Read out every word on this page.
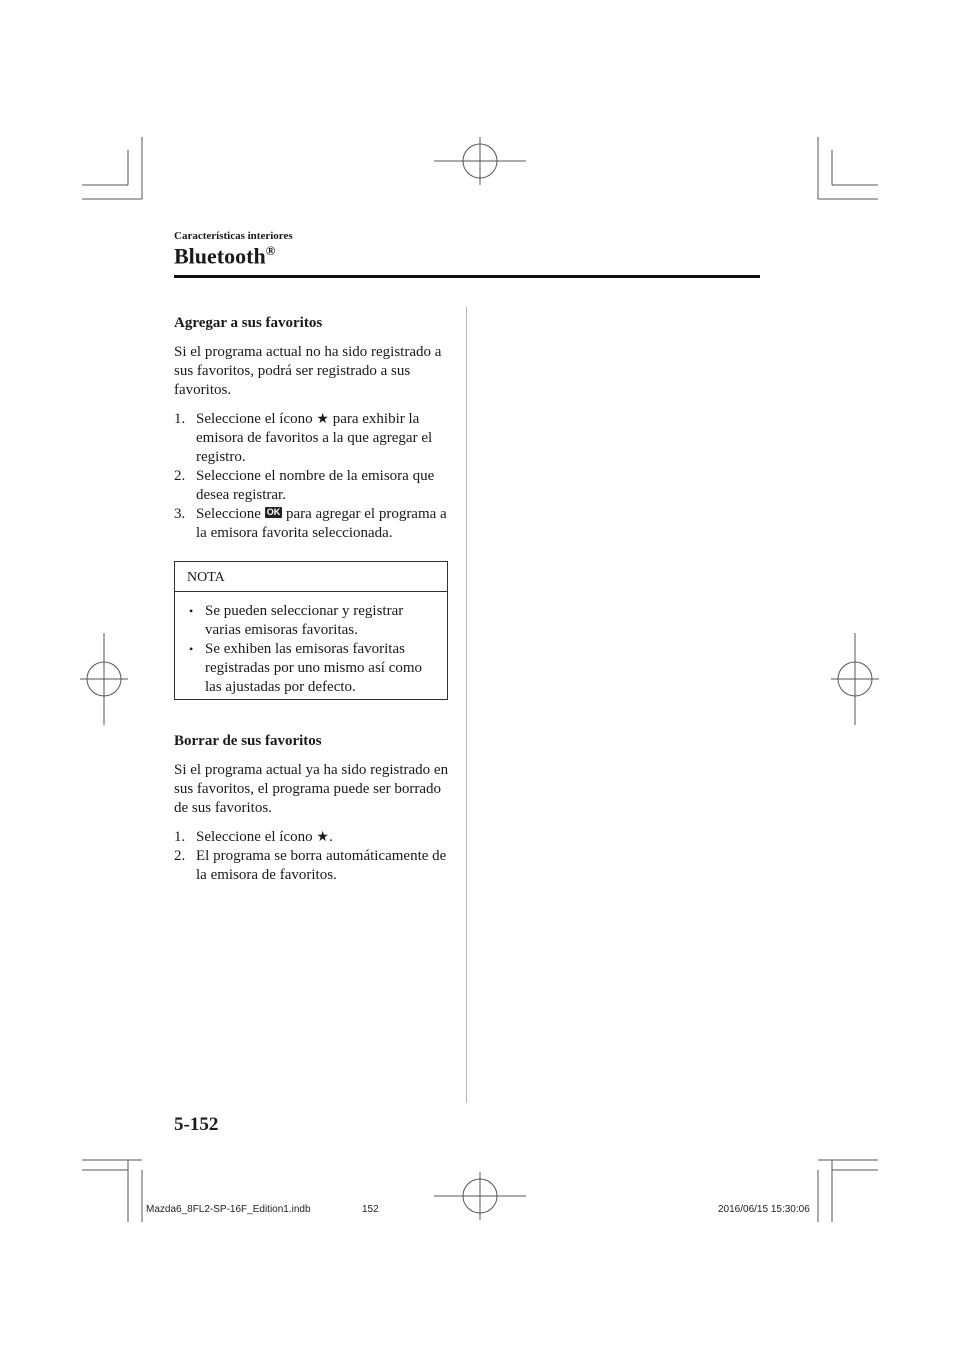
Características interiores
Bluetooth®
Agregar a sus favoritos

Si el programa actual no ha sido registrado a sus favoritos, podrá ser registrado a sus favoritos.

1. Seleccione el ícono ★ para exhibir la emisora de favoritos a la que agregar el registro.
2. Seleccione el nombre de la emisora que desea registrar.
3. Seleccione OK para agregar el programa a la emisora favorita seleccionada.
NOTA
• Se pueden seleccionar y registrar varias emisoras favoritas.
• Se exhiben las emisoras favoritas registradas por uno mismo así como las ajustadas por defecto.
Borrar de sus favoritos

Si el programa actual ya ha sido registrado en sus favoritos, el programa puede ser borrado de sus favoritos.

1. Seleccione el ícono ★.
2. El programa se borra automáticamente de la emisora de favoritos.
5-152
Mazda6_8FL2-SP-16F_Edition1.indb	152	2016/06/15 15:30:06
